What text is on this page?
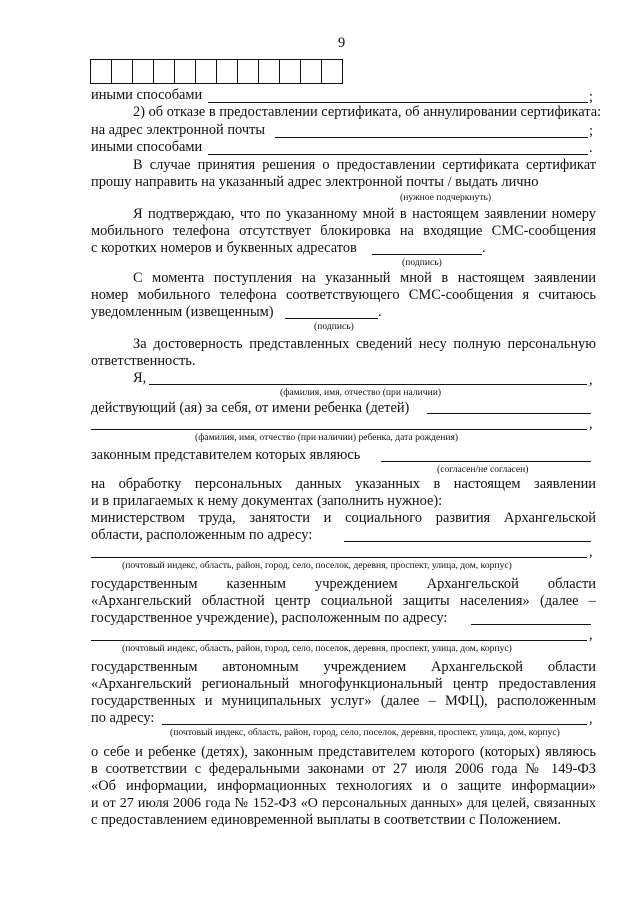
9
иными способами	;
2) об отказе в предоставлении сертификата, об аннулировании сертификата:
на адрес электронной почты	;
иными способами	.
В случае принятия решения о предоставлении сертификата сертификат
прошу направить на указанный адрес электронной почты / выдать лично
(нужное подчеркнуть)
Я подтверждаю, что по указанному мной в настоящем заявлении номеру
мобильного телефона отсутствует блокировка на входящие СМС-сообщения
с коротких номеров и буквенных адресатов	.
(подпись)
С момента поступления на указанный мной в настоящем заявлении
номер мобильного телефона соответствующего СМС-сообщения я считаюсь
уведомленным (извещенным)	.
(подпись)
За достоверность представленных сведений несу полную персональную
ответственность.
Я,	,
(фамилия, имя, отчество (при наличии)
действующий (ая) за себя, от имени ребенка (детей)
,
(фамилия, имя, отчество (при наличии) ребенка, дата рождения)
законным представителем которых являюсь
(согласен/не согласен)
на обработку персональных данных указанных в настоящем заявлении
и в прилагаемых к нему документах (заполнить нужное):
министерством труда, занятости и социального развития Архангельской
области, расположенным по адресу:
,
(почтовый индекс, область, район, город, село, поселок, деревня, проспект, улица, дом, корпус)
государственным казенным учреждением Архангельской области
«Архангельский областной центр социальной защиты населения» (далее –
государственное учреждение), расположенным по адресу:
,
(почтовый индекс, область, район, город, село, поселок, деревня, проспект, улица, дом, корпус)
государственным автономным учреждением Архангельской области
«Архангельский региональный многофункциональный центр предоставления
государственных и муниципальных услуг» (далее – МФЦ), расположенным
по адресу:	,
(почтовый индекс, область, район, город, село, поселок, деревня, проспект, улица, дом, корпус)
о себе и ребенке (детях), законным представителем которого (которых) являюсь
в соответствии с федеральными законами от 27 июля 2006 года № 149-ФЗ
«Об информации, информационных технологиях и о защите информации»
и от 27 июля 2006 года № 152-ФЗ «О персональных данных» для целей, связанных
с предоставлением единовременной выплаты в соответствии с Положением.
